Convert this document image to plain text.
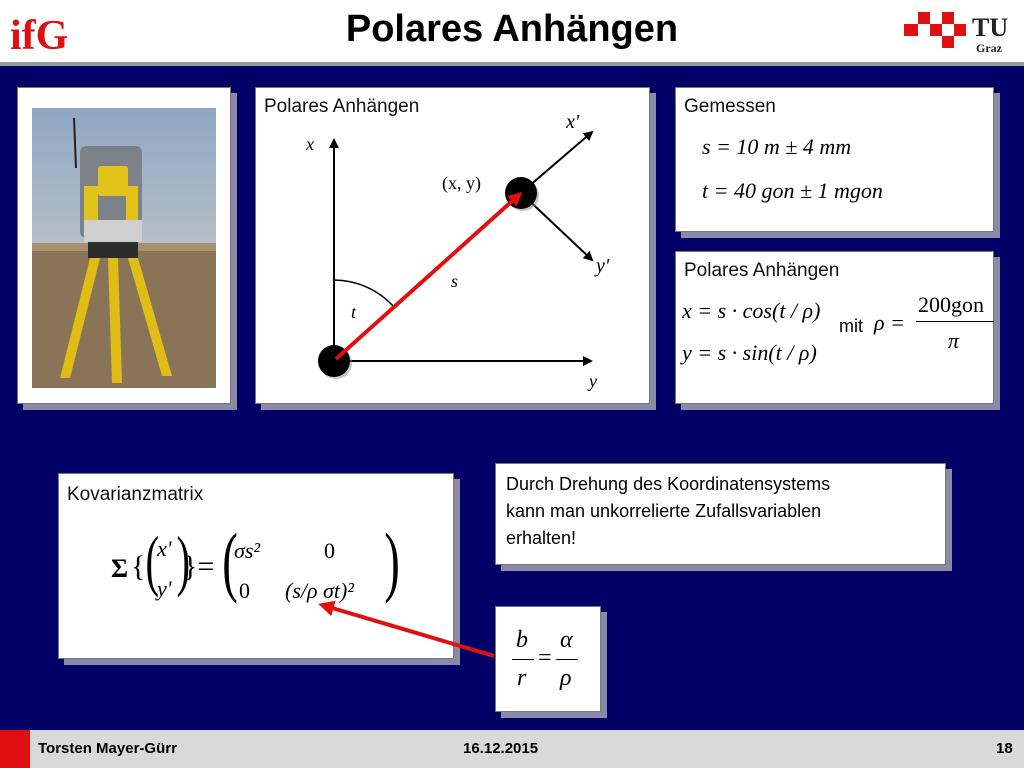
ifG	Polares Anhängen	TU
Graz
Polares Anhängen
x
y
(x, y)
x'
y'
s
t
Gemessen
s = 10 m ± 4 mm
t = 40 gon ± 1 mgon
Polares Anhängen
x = s · cos(t / ρ)
y = s · sin(t / ρ)
mit ρ =
200gon
π
Kovarianzmatrix
Σ { (
x'
y' )
}= (
σs²	0
0 (s/ρ σt)² )
Durch Drehung des Koordinatensystems
kann man unkorrelierte Zufallsvariablen
erhalten!
b
r
=
α
ρ
Torsten Mayer-Gürr	16.12.2015	18
